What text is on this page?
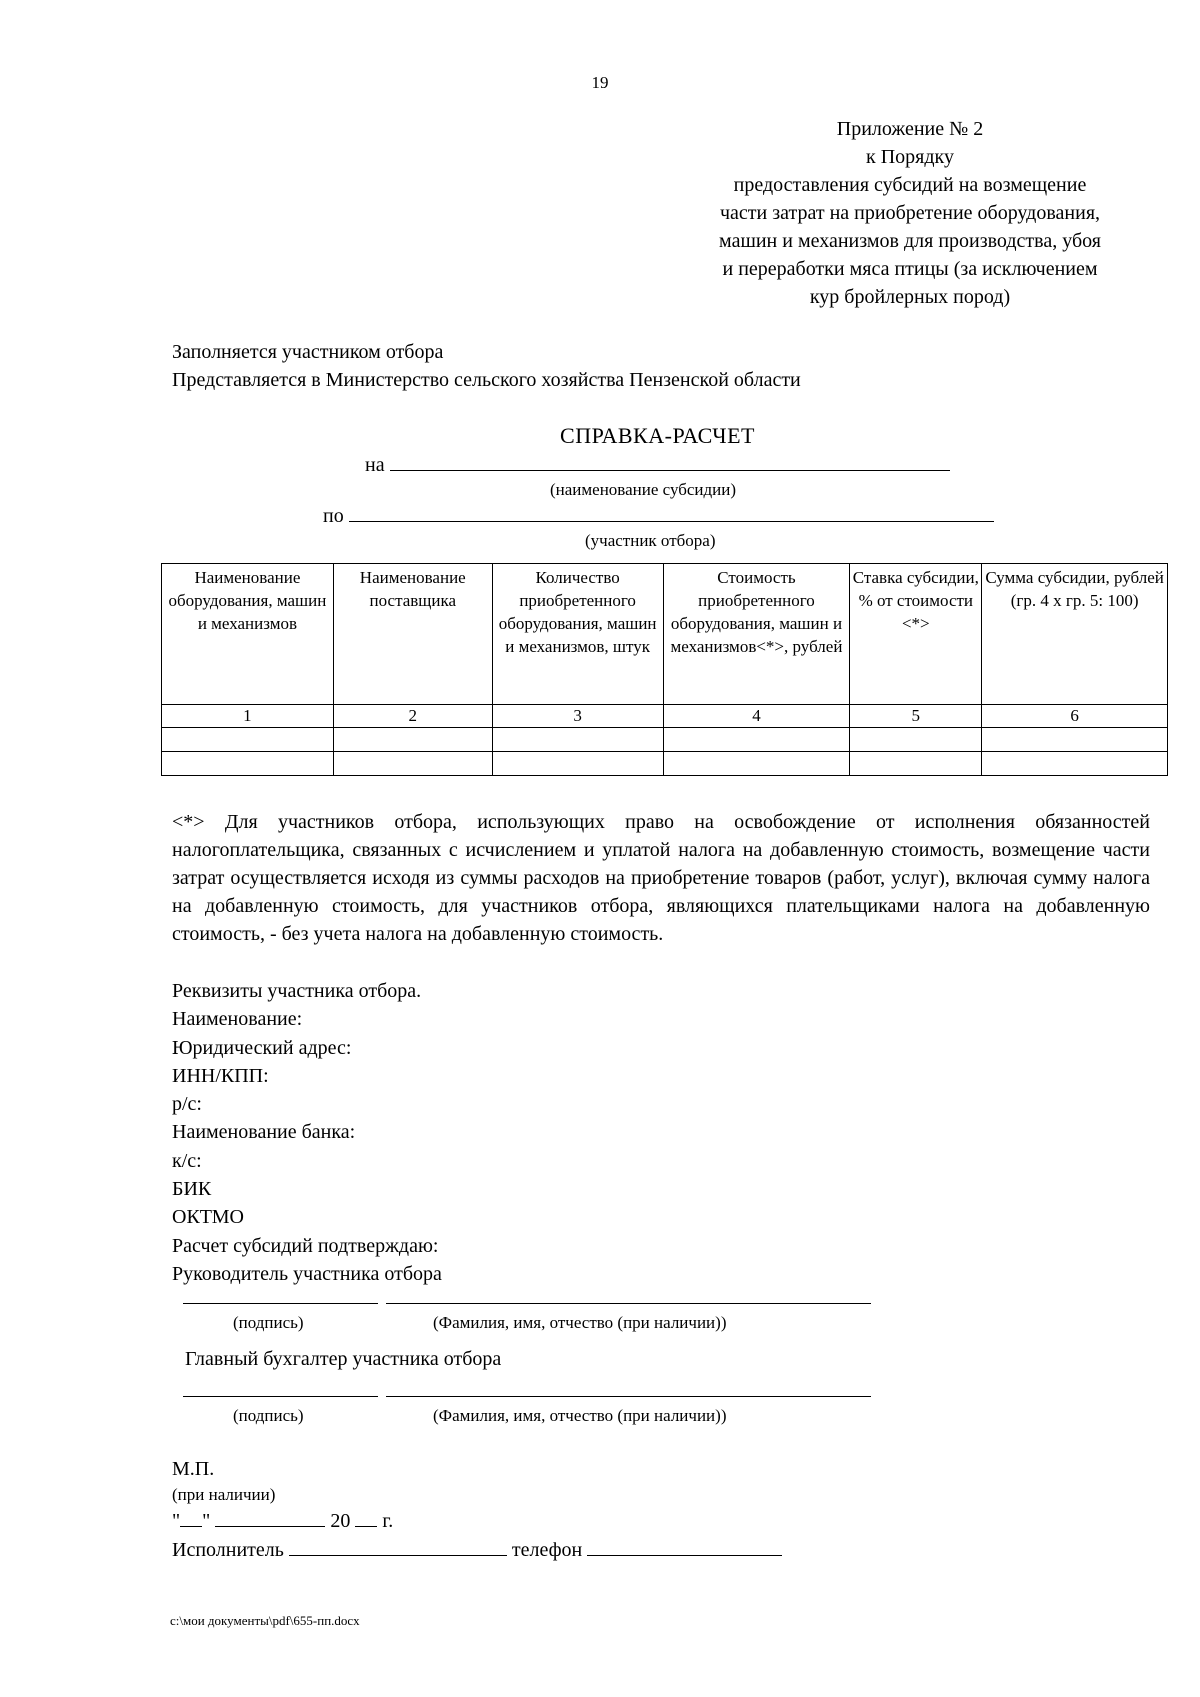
19
Приложение № 2
к Порядку
предоставления субсидий на возмещение
части затрат на приобретение оборудования,
машин и механизмов для производства, убоя
и переработки мяса птицы (за исключением
кур бройлерных пород)
Заполняется участником отбора
Представляется в Министерство сельского хозяйства Пензенской области
СПРАВКА-РАСЧЕТ
на
(наименование субсидии)
по
(участник отбора)
Наименование оборудования, машин и механизмов	Наименование поставщика	Количество приобретенного оборудования, машин и механизмов, штук	Стоимость приобретенного оборудования, машин и механизмов<*>, рублей	Ставка субсидии, % от стоимости <*>	Сумма субсидии, рублей (гр. 4 х гр. 5: 100)
1	2	3	4	5	6

<*> Для участников отбора, использующих право на освобождение от исполнения обязанностей налогоплательщика, связанных с исчислением и уплатой налога на добавленную стоимость, возмещение части затрат осуществляется исходя из суммы расходов на приобретение товаров (работ, услуг), включая сумму налога на добавленную стоимость, для участников отбора, являющихся плательщиками налога на добавленную стоимость, - без учета налога на добавленную стоимость.
Реквизиты участника отбора.
Наименование:
Юридический адрес:
ИНН/КПП:
р/с:
Наименование банка:
к/с:
БИК
ОКТМО
Расчет субсидий подтверждаю:
Руководитель участника отбора
(подпись)	(Фамилия, имя, отчество (при наличии))
Главный бухгалтер участника отбора
(подпись)	(Фамилия, имя, отчество (при наличии))
М.П.
(при наличии)
" "	20 г.
Исполнитель	телефон
c:\мои документы\pdf\655-пп.docx
